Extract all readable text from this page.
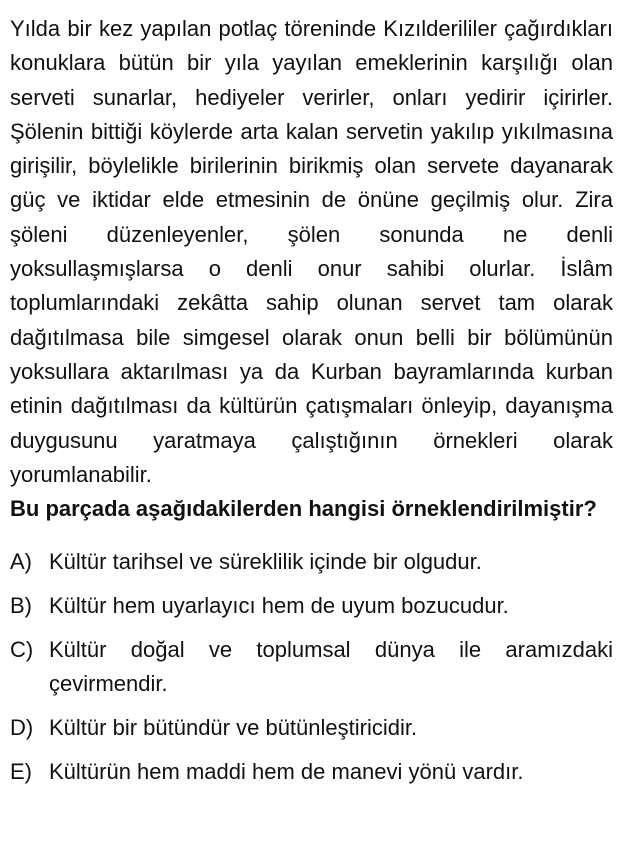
Yılda bir kez yapılan potlaç töreninde Kızılderililer çağırdıkları konuklara bütün bir yıla yayılan emeklerinin karşılığı olan serveti sunarlar, hediyeler verirler, onları yedirir içirirler. Şölenin bittiği köylerde arta kalan servetin yakılıp yıkılmasına girişilir, böylelikle birilerinin birikmiş olan servete dayanarak güç ve iktidar elde etmesinin de önüne geçilmiş olur. Zira şöleni düzenleyenler, şölen sonunda ne denli yoksullaşmışlarsa o denli onur sahibi olurlar. İslâm toplumlarındaki zekâtta sahip olunan servet tam olarak dağıtılmasa bile simgesel olarak onun belli bir bölümünün yoksullara aktarılması ya da Kurban bayramlarında kurban etinin dağıtılması da kültürün çatışmaları önleyip, dayanışma duygusunu yaratmaya çalıştığının örnekleri olarak yorumlanabilir.

Bu parçada aşağıdakilerden hangisi örneklendirilmiştir?

A) Kültür tarihsel ve süreklilik içinde bir olgudur.
B) Kültür hem uyarlayıcı hem de uyum bozucudur.
C) Kültür doğal ve toplumsal dünya ile aramızdaki çevirmendir.
D) Kültür bir bütündür ve bütünleştiricidir.
E) Kültürün hem maddi hem de manevi yönü vardır.
